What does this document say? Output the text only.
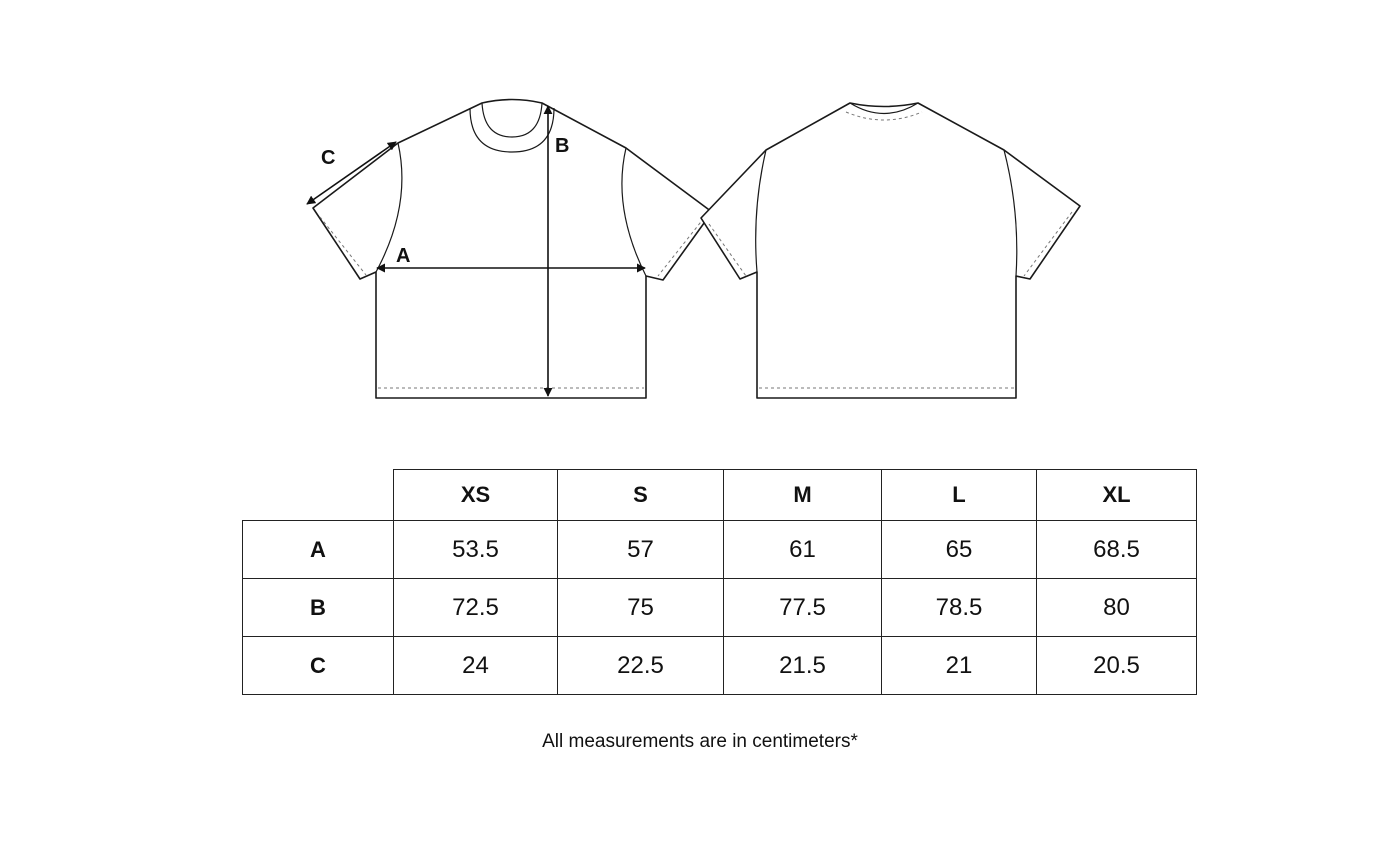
A
B
C
	XS	S	M	L	XL
A	53.5	57	61	65	68.5
B	72.5	75	77.5	78.5	80
C	24	22.5	21.5	21	20.5
All measurements are in centimeters*
